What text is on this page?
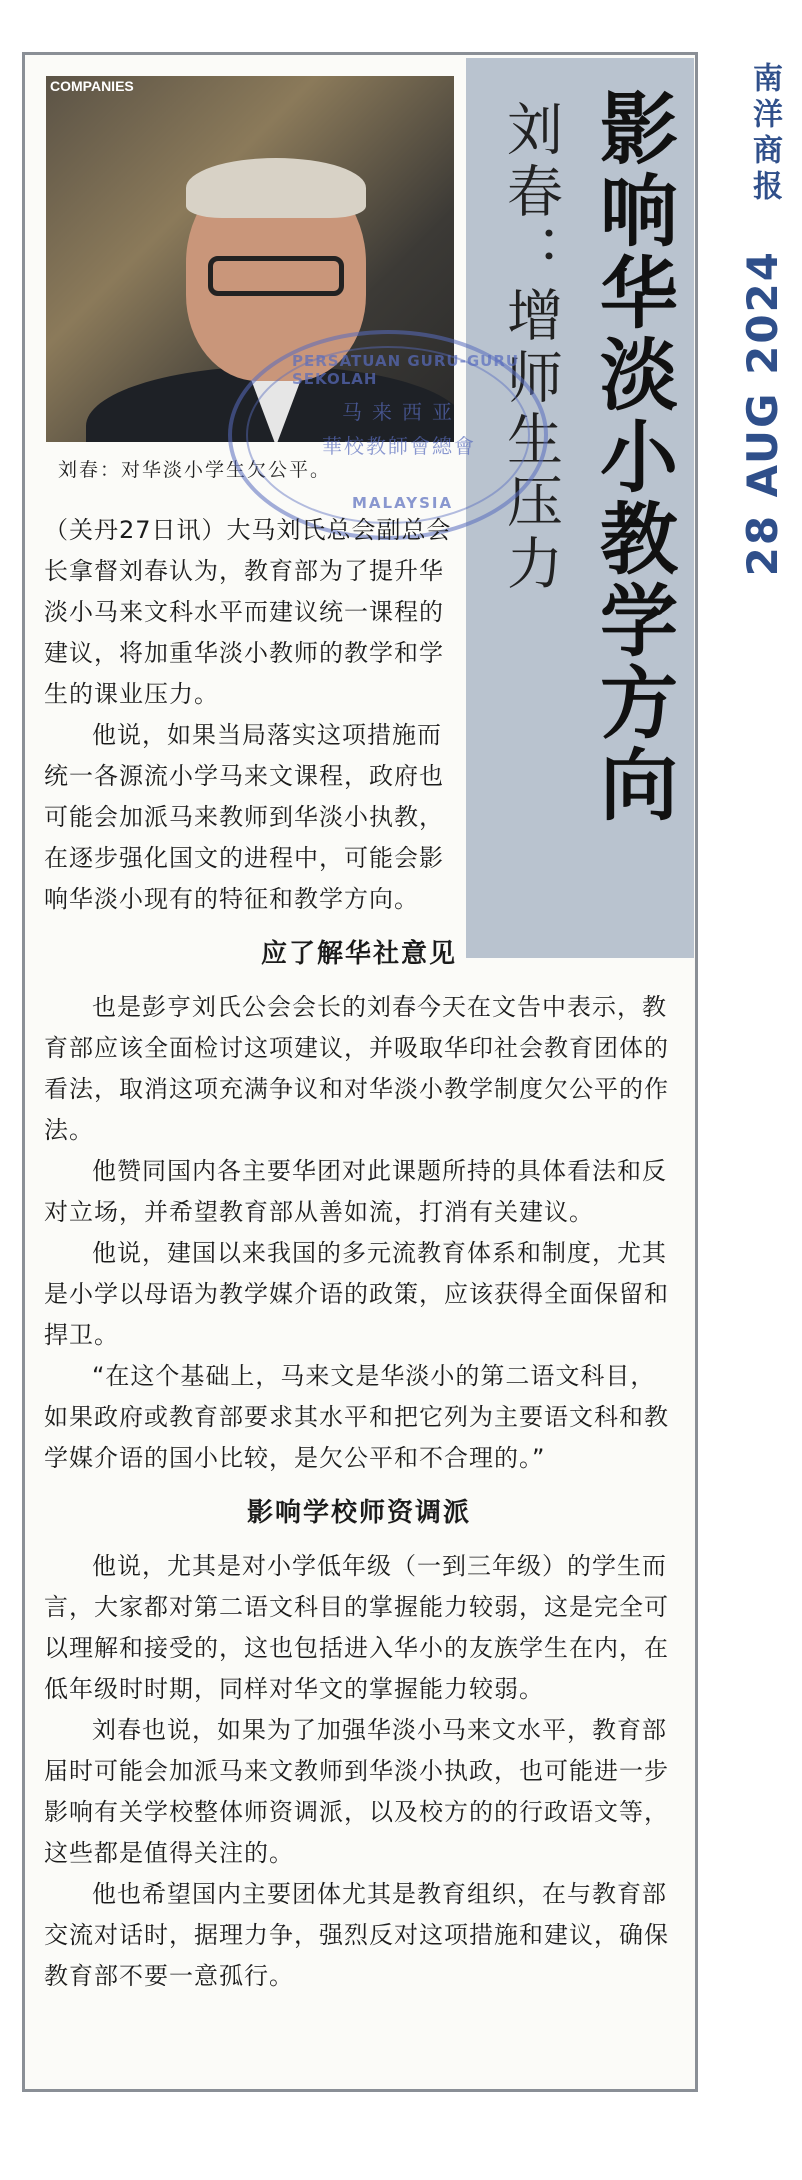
COMPANIES
刘春：对华淡小学生欠公平。	影响华淡小教学方向
刘春：增师生压力	南洋商报
28 AUG 2024
PERSATUAN GURU-GURU SEKOLAH
马来西亚
華校教師會總會
MALAYSIA

（关丹27日讯）大马刘氏总会副总会长拿督刘春认为，教育部为了提升华淡小马来文科水平而建议统一课程的建议，将加重华淡小教师的教学和学生的课业压力。

他说，如果当局落实这项措施而统一各源流小学马来文课程，政府也可能会加派马来教师到华淡小执教，在逐步强化国文的进程中，可能会影响华淡小现有的特征和教学方向。

应了解华社意见

也是彭亨刘氏公会会长的刘春今天在文告中表示，教育部应该全面检讨这项建议，并吸取华印社会教育团体的看法，取消这项充满争议和对华淡小教学制度欠公平的作法。

他赞同国内各主要华团对此课题所持的具体看法和反对立场，并希望教育部从善如流，打消有关建议。

他说，建国以来我国的多元流教育体系和制度，尤其是小学以母语为教学媒介语的政策，应该获得全面保留和捍卫。

“在这个基础上，马来文是华淡小的第二语文科目，如果政府或教育部要求其水平和把它列为主要语文科和教学媒介语的国小比较，是欠公平和不合理的。”

影响学校师资调派

他说，尤其是对小学低年级（一到三年级）的学生而言，大家都对第二语文科目的掌握能力较弱，这是完全可以理解和接受的，这也包括进入华小的友族学生在内，在低年级时时期，同样对华文的掌握能力较弱。

刘春也说，如果为了加强华淡小马来文水平，教育部届时可能会加派马来文教师到华淡小执政，也可能进一步影响有关学校整体师资调派，以及校方的的行政语文等，这些都是值得关注的。

他也希望国内主要团体尤其是教育组织，在与教育部交流对话时，据理力争，强烈反对这项措施和建议，确保教育部不要一意孤行。
